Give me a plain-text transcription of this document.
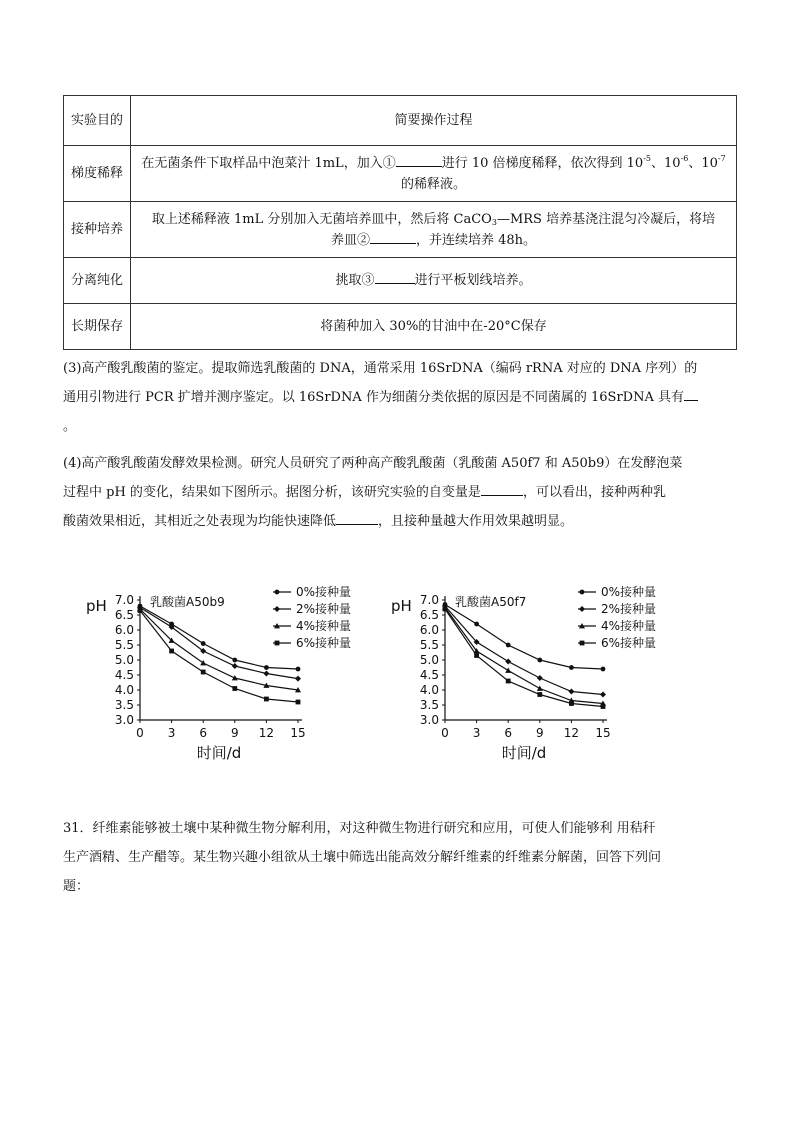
实验目的	简要操作过程
梯度稀释	在无菌条件下取样品中泡菜汁 1mL，加入① 进行 10 倍梯度稀释，依次得到 $10^{-5}$、$10^{-6}$、$10^{-7}$
的稀释液。

接种培养	取上述稀释液 1mL 分别加入无菌培养皿中，然后将 CaCO$_3$—MRS 培养基浇注混匀冷凝后，将培
养皿② ，并连续培养 48h。

分离纯化	挑取③ 进行平板划线培养。
长期保存	将菌种加入 30%的甘油中在-20°C保存
(3)高产酸乳酸菌的鉴定。提取筛选乳酸菌的 DNA，通常采用 16SrDNA（编码 rRNA 对应的 DNA 序列）的
通用引物进行 PCR 扩增并测序鉴定。以 16SrDNA 作为细菌分类依据的原因是不同菌属的 16SrDNA 具有
。
(4)高产酸乳酸菌发酵效果检测。研究人员研究了两种高产酸乳酸菌（乳酸菌 A50f7 和 A50b9）在发酵泡菜
过程中 pH 的变化，结果如下图所示。据图分析，该研究实验的自变量是	，可以看出，接种两种乳
酸菌效果相近，其相近之处表现为均能快速降低	，且接种量越大作用效果越明显。
3.0
3.5
4.0
4.5
5.0
5.5
6.0
6.5
7.0
0 3 6 9 12 15
pH
时间/d
乳酸菌A50b9
0%接种量
2%接种量
4%接种量
6%接种量
3.0
3.5
4.0
4.5
5.0
5.5
6.0
6.5
7.0
0 3 6 9 12 15
pH
时间/d
乳酸菌A50f7
0%接种量
2%接种量
4%接种量
6%接种量
31．纤维素能够被土壤中某种微生物分解利用，对这种微生物进行研究和应用，可使人们能够利 用秸秆
生产酒精、生产醋等。某生物兴趣小组欲从土壤中筛选出能高效分解纤维素的纤维素分解菌，回答下列问
题：
